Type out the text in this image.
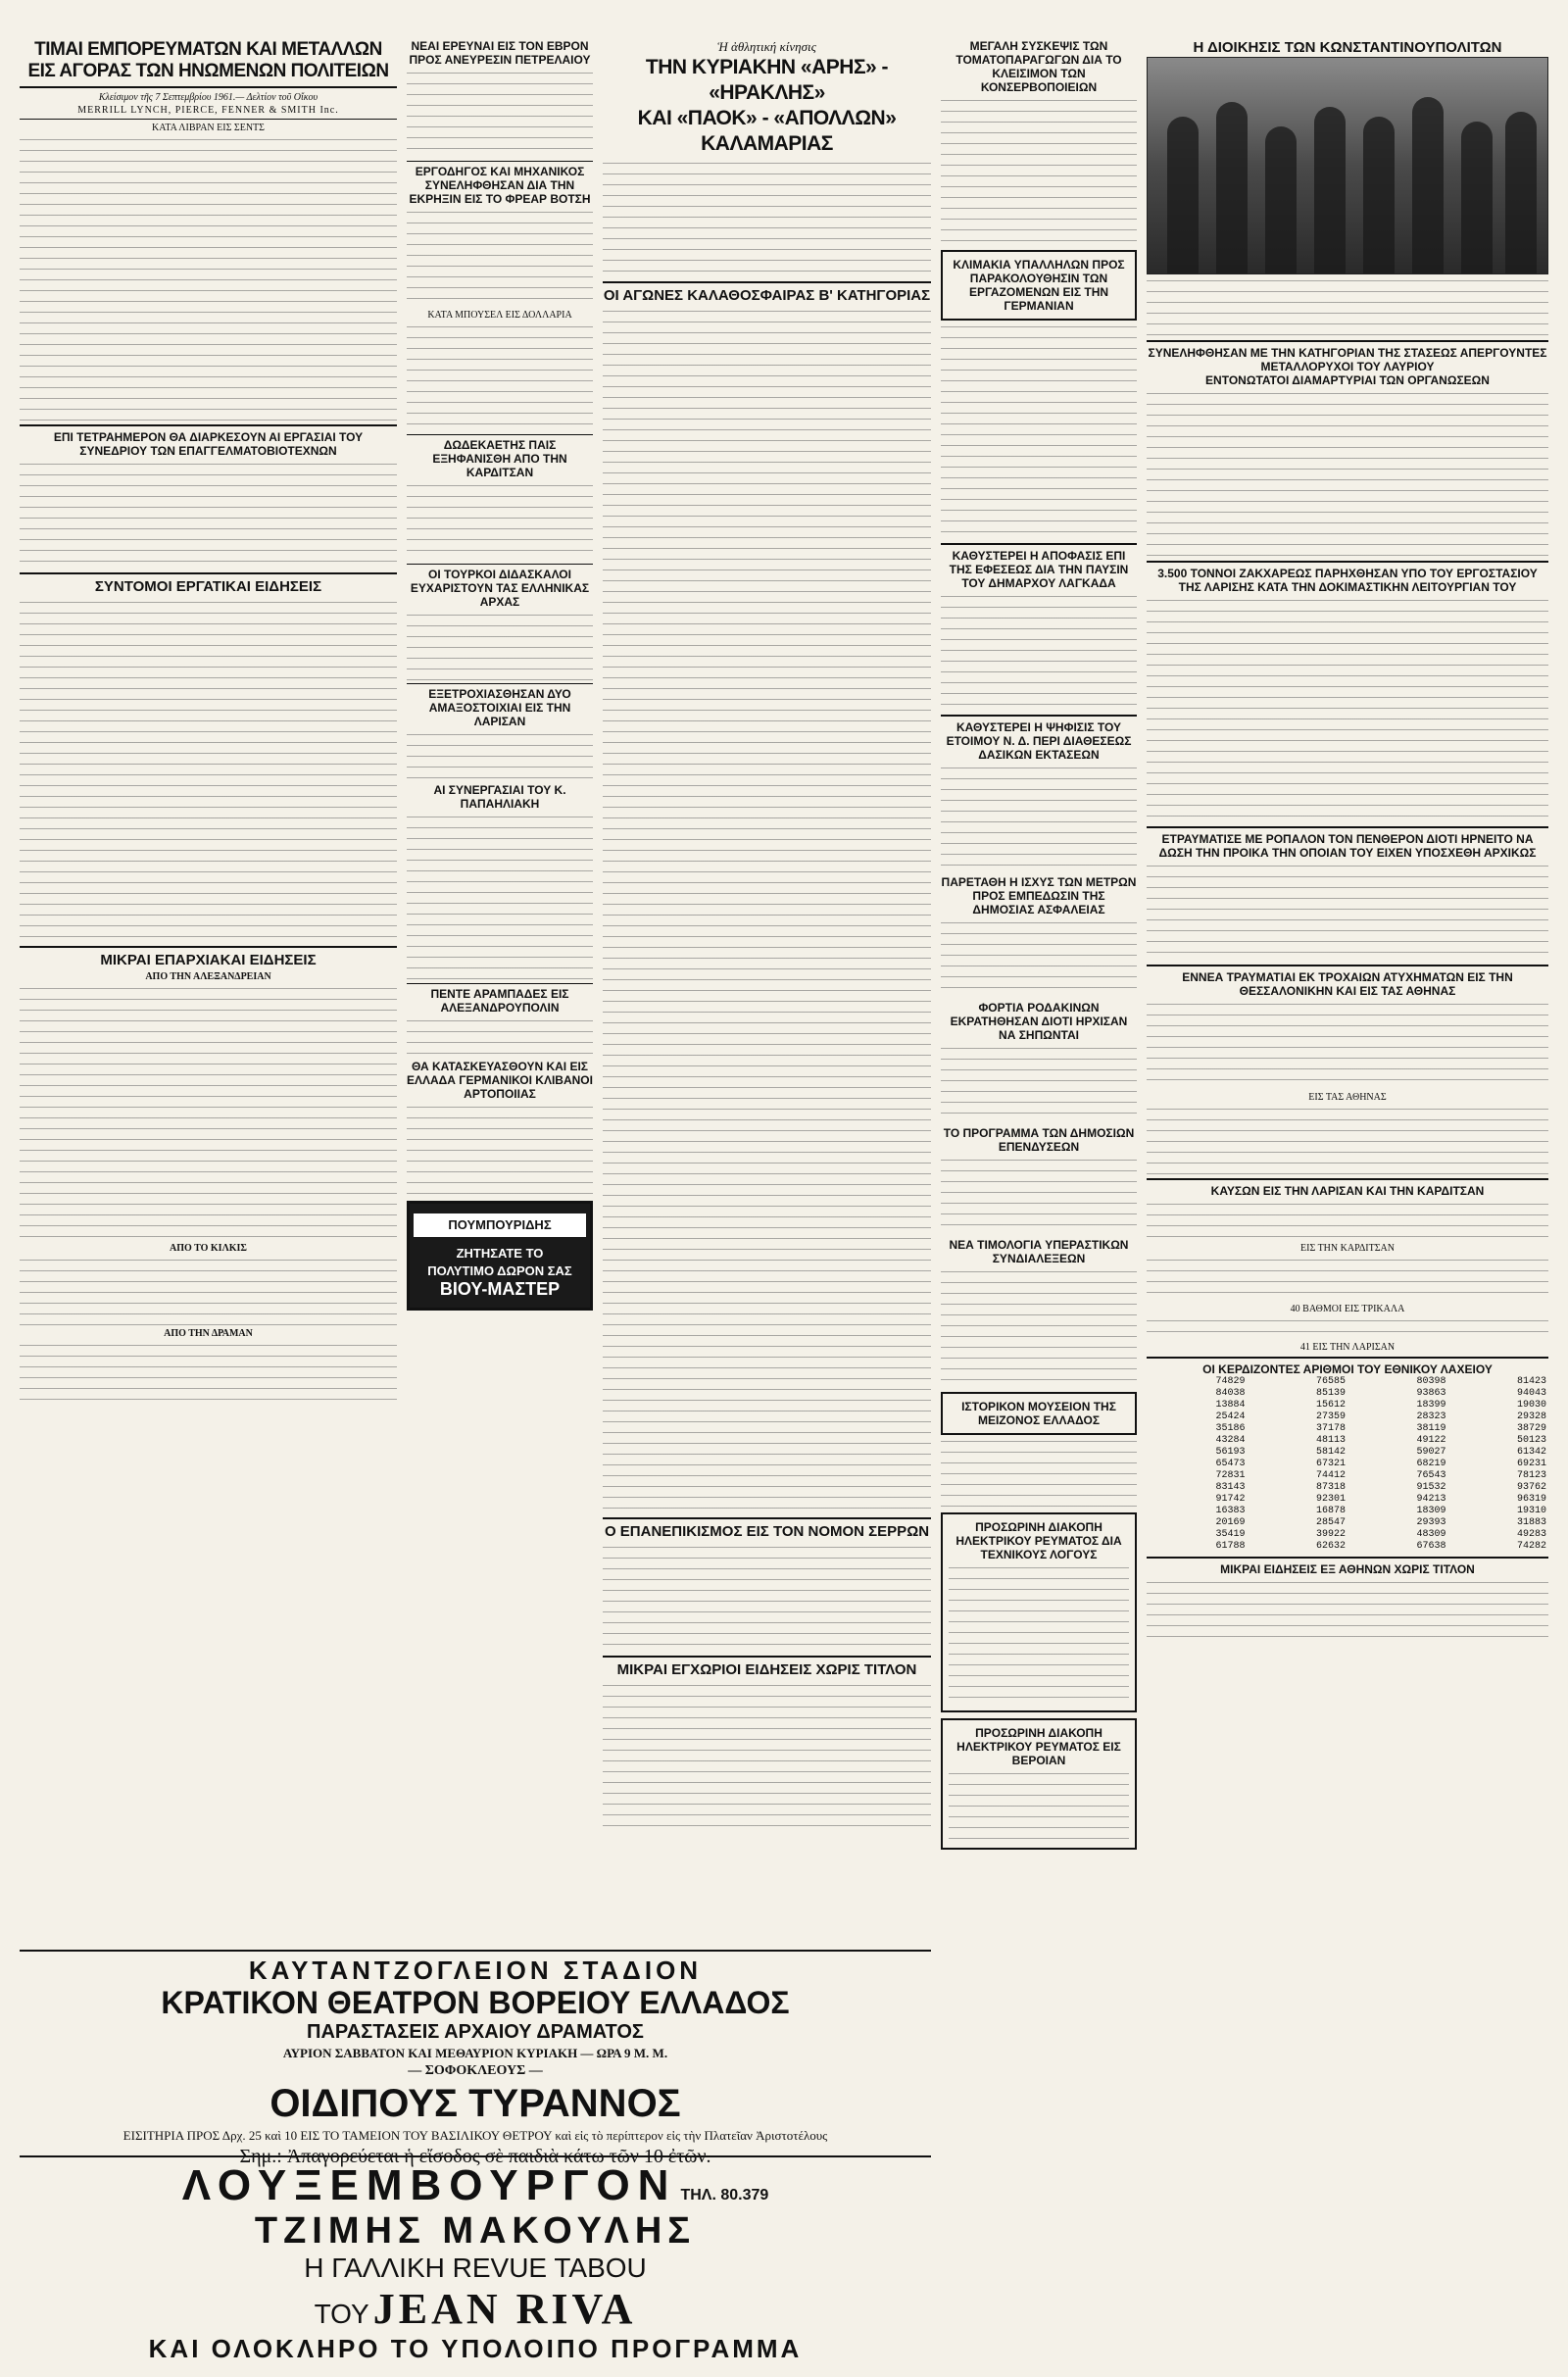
ΤΙΜΑΙ ΕΜΠΟΡΕΥΜΑΤΩΝ ΚΑΙ ΜΕΤΑΛΛΩΝ
ΕΙΣ ΑΓΟΡΑΣ ΤΩΝ ΗΝΩΜΕΝΩΝ ΠΟΛΙΤΕΙΩΝ
Κλείσιμον τῆς 7 Σεπτεμβρίου 1961.— Δελτίον τοῦ Οἴκου
MERRILL LYNCH, PIERCE, FENNER & SMITH Inc.
ΚΑΤΑ ΛΙΒΡΑΝ ΕΙΣ ΣΕΝΤΣ
ΕΠΙ ΤΕΤΡΑΗΜΕΡΟΝ ΘΑ ΔΙΑΡΚΕΣΟΥΝ ΑΙ ΕΡΓΑΣΙΑΙ ΤΟΥ ΣΥΝΕΔΡΙΟΥ ΤΩΝ ΕΠΑΓΓΕΛΜΑΤΟΒΙΟΤΕΧΝΩΝ
ΣΥΝΤΟΜΟΙ ΕΡΓΑΤΙΚΑΙ ΕΙΔΗΣΕΙΣ
ΜΙΚΡΑΙ ΕΠΑΡΧΙΑΚΑΙ ΕΙΔΗΣΕΙΣ
ΑΠΟ ΤΗΝ ΑΛΕΞΑΝΔΡΕΙΑΝ
ΑΠΟ ΤΟ ΚΙΛΚΙΣ
ΑΠΟ ΤΗΝ ΔΡΑΜΑΝ
ΝΕΑΙ ΕΡΕΥΝΑΙ ΕΙΣ ΤΟΝ ΕΒΡΟΝ ΠΡΟΣ ΑΝΕΥΡΕΣΙΝ ΠΕΤΡΕΛΑΙΟΥ
ΕΡΓΟΔΗΓΟΣ ΚΑΙ ΜΗΧΑΝΙΚΟΣ ΣΥΝΕΛΗΦΘΗΣΑΝ ΔΙΑ ΤΗΝ ΕΚΡΗΞΙΝ ΕΙΣ ΤΟ ΦΡΕΑΡ ΒΟΤΣΗ
ΚΑΤΑ ΜΠΟΥΣΕΛ ΕΙΣ ΔΟΛΛΑΡΙΑ
ΔΩΔΕΚΑΕΤΗΣ ΠΑΙΣ ΕΞΗΦΑΝΙΣΘΗ ΑΠΟ ΤΗΝ ΚΑΡΔΙΤΣΑΝ
ΟΙ ΤΟΥΡΚΟΙ ΔΙΔΑΣΚΑΛΟΙ ΕΥΧΑΡΙΣΤΟΥΝ ΤΑΣ ΕΛΛΗΝΙΚΑΣ ΑΡΧΑΣ
ΕΞΕΤΡΟΧΙΑΣΘΗΣΑΝ ΔΥΟ ΑΜΑΞΟΣΤΟΙΧΙΑΙ ΕΙΣ ΤΗΝ ΛΑΡΙΣΑΝ
ΑΙ ΣΥΝΕΡΓΑΣΙΑΙ ΤΟΥ Κ. ΠΑΠΑΗΛΙΑΚΗ
ΠΕΝΤΕ ΑΡΑΜΠΑΔΕΣ ΕΙΣ ΑΛΕΞΑΝΔΡΟΥΠΟΛΙΝ
ΘΑ ΚΑΤΑΣΚΕΥΑΣΘΟΥΝ ΚΑΙ ΕΙΣ ΕΛΛΑΔΑ ΓΕΡΜΑΝΙΚΟΙ ΚΛΙΒΑΝΟΙ ΑΡΤΟΠΟΙΙΑΣ
ΠΟΥΜΠΟΥΡΙΔΗΣ
ΖΗΤΗΣΑΤΕ ΤΟ
ΠΟΛΥΤΙΜΟ ΔΩΡΟΝ ΣΑΣ
ΒΙΟΥ-ΜΑΣΤΕΡ
Ἡ ἀθλητική κίνησις
ΤΗΝ ΚΥΡΙΑΚΗΝ «ΑΡΗΣ» - «ΗΡΑΚΛΗΣ»
ΚΑΙ «ΠΑΟΚ» - «ΑΠΟΛΛΩΝ» ΚΑΛΑΜΑΡΙΑΣ
ΟΙ ΑΓΩΝΕΣ ΚΑΛΑΘΟΣΦΑΙΡΑΣ Β' ΚΑΤΗΓΟΡΙΑΣ
Ο ΕΠΑΝΕΠΙΚΙΣΜΟΣ ΕΙΣ ΤΟΝ ΝΟΜΟΝ ΣΕΡΡΩΝ
ΜΙΚΡΑΙ ΕΓΧΩΡΙΟΙ ΕΙΔΗΣΕΙΣ ΧΩΡΙΣ ΤΙΤΛΟΝ
ΜΕΓΑΛΗ ΣΥΣΚΕΨΙΣ ΤΩΝ ΤΟΜΑΤΟΠΑΡΑΓΩΓΩΝ ΔΙΑ ΤΟ ΚΛΕΙΣΙΜΟΝ ΤΩΝ ΚΟΝΣΕΡΒΟΠΟΙΕΙΩΝ
ΚΛΙΜΑΚΙΑ ΥΠΑΛΛΗΛΩΝ ΠΡΟΣ ΠΑΡΑΚΟΛΟΥΘΗΣΙΝ ΤΩΝ ΕΡΓΑΖΟΜΕΝΩΝ ΕΙΣ ΤΗΝ ΓΕΡΜΑΝΙΑΝ
ΚΑΘΥΣΤΕΡΕΙ Η ΑΠΟΦΑΣΙΣ ΕΠΙ ΤΗΣ ΕΦΕΣΕΩΣ ΔΙΑ ΤΗΝ ΠΑΥΣΙΝ ΤΟΥ ΔΗΜΑΡΧΟΥ ΛΑΓΚΑΔΑ
ΚΑΘΥΣΤΕΡΕΙ Η ΨΗΦΙΣΙΣ ΤΟΥ ΕΤΟΙΜΟΥ Ν. Δ. ΠΕΡΙ ΔΙΑΘΕΣΕΩΣ ΔΑΣΙΚΩΝ ΕΚΤΑΣΕΩΝ
ΠΑΡΕΤΑΘΗ Η ΙΣΧΥΣ ΤΩΝ ΜΕΤΡΩΝ ΠΡΟΣ ΕΜΠΕΔΩΣΙΝ ΤΗΣ ΔΗΜΟΣΙΑΣ ΑΣΦΑΛΕΙΑΣ
ΦΟΡΤΙΑ ΡΟΔΑΚΙΝΩΝ ΕΚΡΑΤΗΘΗΣΑΝ ΔΙΟΤΙ ΗΡΧΙΣΑΝ ΝΑ ΣΗΠΩΝΤΑΙ
ΤΟ ΠΡΟΓΡΑΜΜΑ ΤΩΝ ΔΗΜΟΣΙΩΝ ΕΠΕΝΔΥΣΕΩΝ
ΝΕΑ ΤΙΜΟΛΟΓΙΑ ΥΠΕΡΑΣΤΙΚΩΝ ΣΥΝΔΙΑΛΕΞΕΩΝ
ΙΣΤΟΡΙΚΟΝ ΜΟΥΣΕΙΟΝ ΤΗΣ ΜΕΙΖΟΝΟΣ ΕΛΛΑΔΟΣ
ΠΡΟΣΩΡΙΝΗ ΔΙΑΚΟΠΗ ΗΛΕΚΤΡΙΚΟΥ ΡΕΥΜΑΤΟΣ ΔΙΑ ΤΕΧΝΙΚΟΥΣ ΛΟΓΟΥΣ
ΠΡΟΣΩΡΙΝΗ ΔΙΑΚΟΠΗ ΗΛΕΚΤΡΙΚΟΥ ΡΕΥΜΑΤΟΣ ΕΙΣ ΒΕΡΟΙΑΝ
Η ΔΙΟΙΚΗΣΙΣ ΤΩΝ ΚΩΝΣΤΑΝΤΙΝΟΥΠΟΛΙΤΩΝ
ΣΥΝΕΛΗΦΘΗΣΑΝ ΜΕ ΤΗΝ ΚΑΤΗΓΟΡΙΑΝ ΤΗΣ ΣΤΑΣΕΩΣ ΑΠΕΡΓΟΥΝΤΕΣ ΜΕΤΑΛΛΟΡΥΧΟΙ ΤΟΥ ΛΑΥΡΙΟΥ
ΕΝΤΟΝΩΤΑΤΟΙ ΔΙΑΜΑΡΤΥΡΙΑΙ ΤΩΝ ΟΡΓΑΝΩΣΕΩΝ
3.500 ΤΟΝΝΟΙ ΖΑΚΧΑΡΕΩΣ ΠΑΡΗΧΘΗΣΑΝ ΥΠΟ ΤΟΥ ΕΡΓΟΣΤΑΣΙΟΥ ΤΗΣ ΛΑΡΙΣΗΣ ΚΑΤΑ ΤΗΝ ΔΟΚΙΜΑΣΤΙΚΗΝ ΛΕΙΤΟΥΡΓΙΑΝ ΤΟΥ
ΕΤΡΑΥΜΑΤΙΣΕ ΜΕ ΡΟΠΑΛΟΝ ΤΟΝ ΠΕΝΘΕΡΟΝ ΔΙΟΤΙ ΗΡΝΕΙΤΟ ΝΑ ΔΩΣΗ ΤΗΝ ΠΡΟΙΚΑ ΤΗΝ ΟΠΟΙΑΝ ΤΟΥ ΕΙΧΕΝ ΥΠΟΣΧΕΘΗ ΑΡΧΙΚΩΣ
ΕΝΝΕΑ ΤΡΑΥΜΑΤΙΑΙ ΕΚ ΤΡΟΧΑΙΩΝ ΑΤΥΧΗΜΑΤΩΝ ΕΙΣ ΤΗΝ ΘΕΣΣΑΛΟΝΙΚΗΝ ΚΑΙ ΕΙΣ ΤΑΣ ΑΘΗΝΑΣ
ΕΙΣ ΤΑΣ ΑΘΗΝΑΣ
ΚΑΥΣΩΝ ΕΙΣ ΤΗΝ ΛΑΡΙΣΑΝ ΚΑΙ ΤΗΝ ΚΑΡΔΙΤΣΑΝ
ΕΙΣ ΤΗΝ ΚΑΡΔΙΤΣΑΝ
40 ΒΑΘΜΟΙ ΕΙΣ ΤΡΙΚΑΛΑ
41 ΕΙΣ ΤΗΝ ΛΑΡΙΣΑΝ
ΟΙ ΚΕΡΔΙΖΟΝΤΕΣ ΑΡΙΘΜΟΙ ΤΟΥ ΕΘΝΙΚΟΥ ΛΑΧΕΙΟΥ
74829	76585	80398	81423
84038	85139	93863	94043
13884	15612	18399	19030
25424	27359	28323	29328
35186	37178	38119	38729
43284	48113	49122	50123
56193	58142	59027	61342
65473	67321	68219	69231
72831	74412	76543	78123
83143	87318	91532	93762
91742	92301	94213	96319
16383	16878	18309	19310
20169	28547	29393	31883
35419	39922	48309	49283
61788	62632	67638	74282
ΜΙΚΡΑΙ ΕΙΔΗΣΕΙΣ ΕΞ ΑΘΗΝΩΝ ΧΩΡΙΣ ΤΙΤΛΟΝ
ΚΑΥΤΑΝΤΖΟΓΛΕΙΟΝ ΣΤΑΔΙΟΝ
ΚΡΑΤΙΚΟΝ ΘΕΑΤΡΟΝ ΒΟΡΕΙΟΥ ΕΛΛΑΔΟΣ
ΠΑΡΑΣΤΑΣΕΙΣ ΑΡΧΑΙΟΥ ΔΡΑΜΑΤΟΣ
ΑΥΡΙΟΝ ΣΑΒΒΑΤΟΝ ΚΑΙ ΜΕΘΑΥΡΙΟΝ ΚΥΡΙΑΚΗ — ΩΡΑ 9 Μ. Μ.
— ΣΟΦΟΚΛΕΟΥΣ —
ΟΙΔΙΠΟΥΣ ΤΥΡΑΝΝΟΣ
ΕΙΣΙΤΗΡΙΑ ΠΡΟΣ Δρχ. 25 καὶ 10 ΕΙΣ ΤΟ ΤΑΜΕΙΟΝ ΤΟΥ ΒΑΣΙΛΙΚΟΥ ΘΕΤΡΟΥ καὶ εἰς τὸ περίπτερον εἰς τὴν Πλατεῖαν Ἀριστοτέλους
Σημ.: Ἀπαγορεύεται ἡ εἴσοδος σὲ παιδιὰ κάτω τῶν 10 ἐτῶν.
ΛΟΥΞΕΜΒΟΥΡΓΟΝ ΤΗΛ. 80.379
ΤΖΙΜΗΣ ΜΑΚΟΥΛΗΣ
Η ΓΑΛΛΙΚΗ REVUE TABOU
ΤΟΥ JEAN RIVA
ΚΑΙ ΟΛΟΚΛΗΡΟ ΤΟ ΥΠΟΛΟΙΠΟ ΠΡΟΓΡΑΜΜΑ
